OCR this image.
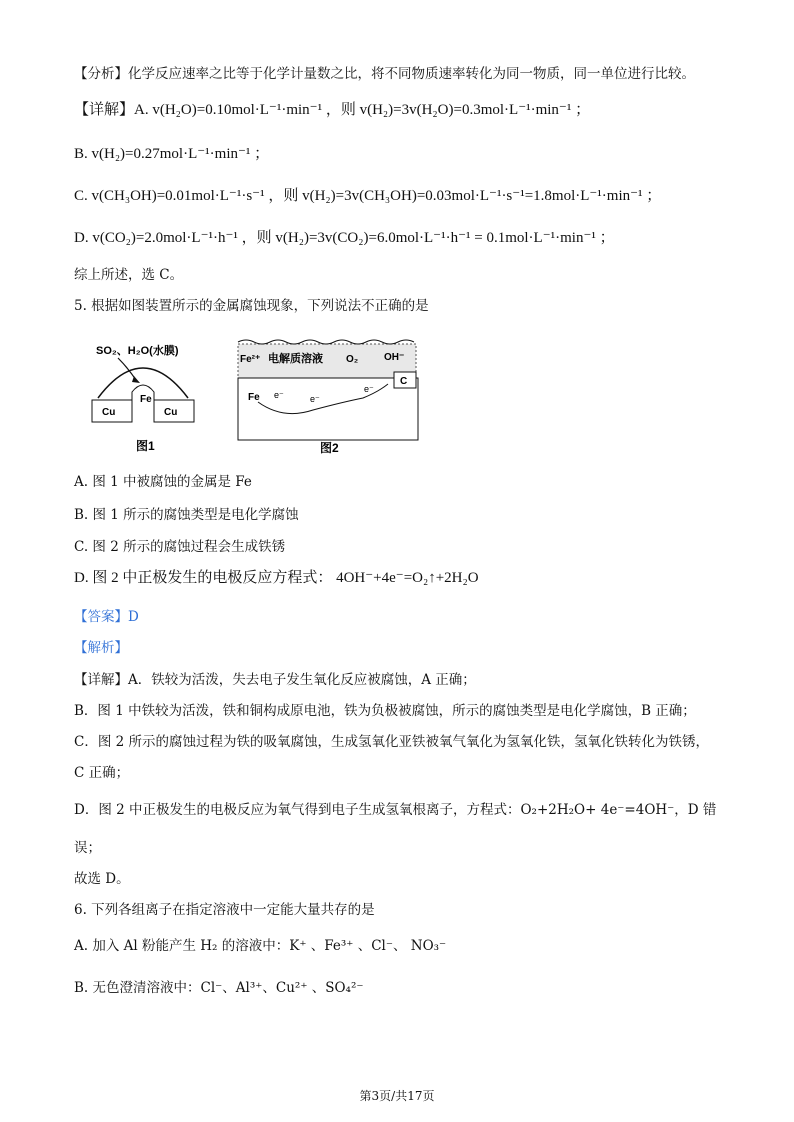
【分析】化学反应速率之比等于化学计量数之比，将不同物质速率转化为同一物质，同一单位进行比较。
【详解】A. v(H₂O)=0.10mol·L⁻¹·min⁻¹ ，则 v(H₂)=3v(H₂O)=0.3mol·L⁻¹·min⁻¹ ；
B. v(H₂)=0.27mol·L⁻¹·min⁻¹ ；
C. v(CH₃OH)=0.01mol·L⁻¹·s⁻¹ ，则 v(H₂)=3v(CH₃OH)=0.03mol·L⁻¹·s⁻¹=1.8mol·L⁻¹·min⁻¹ ；
D. v(CO₂)=2.0mol·L⁻¹·h⁻¹ ，则 v(H₂)=3v(CO₂)=6.0mol·L⁻¹·h⁻¹ = 0.1mol·L⁻¹·min⁻¹ ；
综上所述，选 C。
5. 根据如图装置所示的金属腐蚀现象，下列说法不正确的是
SO₂、H₂O(水膜)
Fe
Cu	Cu
图1
Fe²⁺ 电解质溶液 O₂	OH⁻
C
Fe e⁻	e⁻
e⁻
图2
A. 图 1 中被腐蚀的金属是 Fe
B. 图 1 所示的腐蚀类型是电化学腐蚀
C. 图 2 所示的腐蚀过程会生成铁锈
D. 图 2 中正极发生的电极反应方程式： 4OH⁻+4e⁻=O₂↑+2H₂O
【答案】D
【解析】
【详解】A．铁较为活泼，失去电子发生氧化反应被腐蚀，A 正确；
B．图 1 中铁较为活泼，铁和铜构成原电池，铁为负极被腐蚀，所示的腐蚀类型是电化学腐蚀，B 正确；
C．图 2 所示的腐蚀过程为铁的吸氧腐蚀，生成氢氧化亚铁被氧气氧化为氢氧化铁，氢氧化铁转化为铁锈，
C 正确；
D．图 2 中正极发生的电极反应为氧气得到电子生成氢氧根离子，方程式：O₂+2H₂O+ 4e⁻=4OH⁻，D 错
误；
故选 D。
6. 下列各组离子在指定溶液中一定能大量共存的是
A. 加入 Al 粉能产生 H₂ 的溶液中：K⁺ 、Fe³⁺ 、Cl⁻、 NO₃⁻
B. 无色澄清溶液中：Cl⁻、Al³⁺、Cu²⁺ 、SO₄²⁻
第3页/共17页
